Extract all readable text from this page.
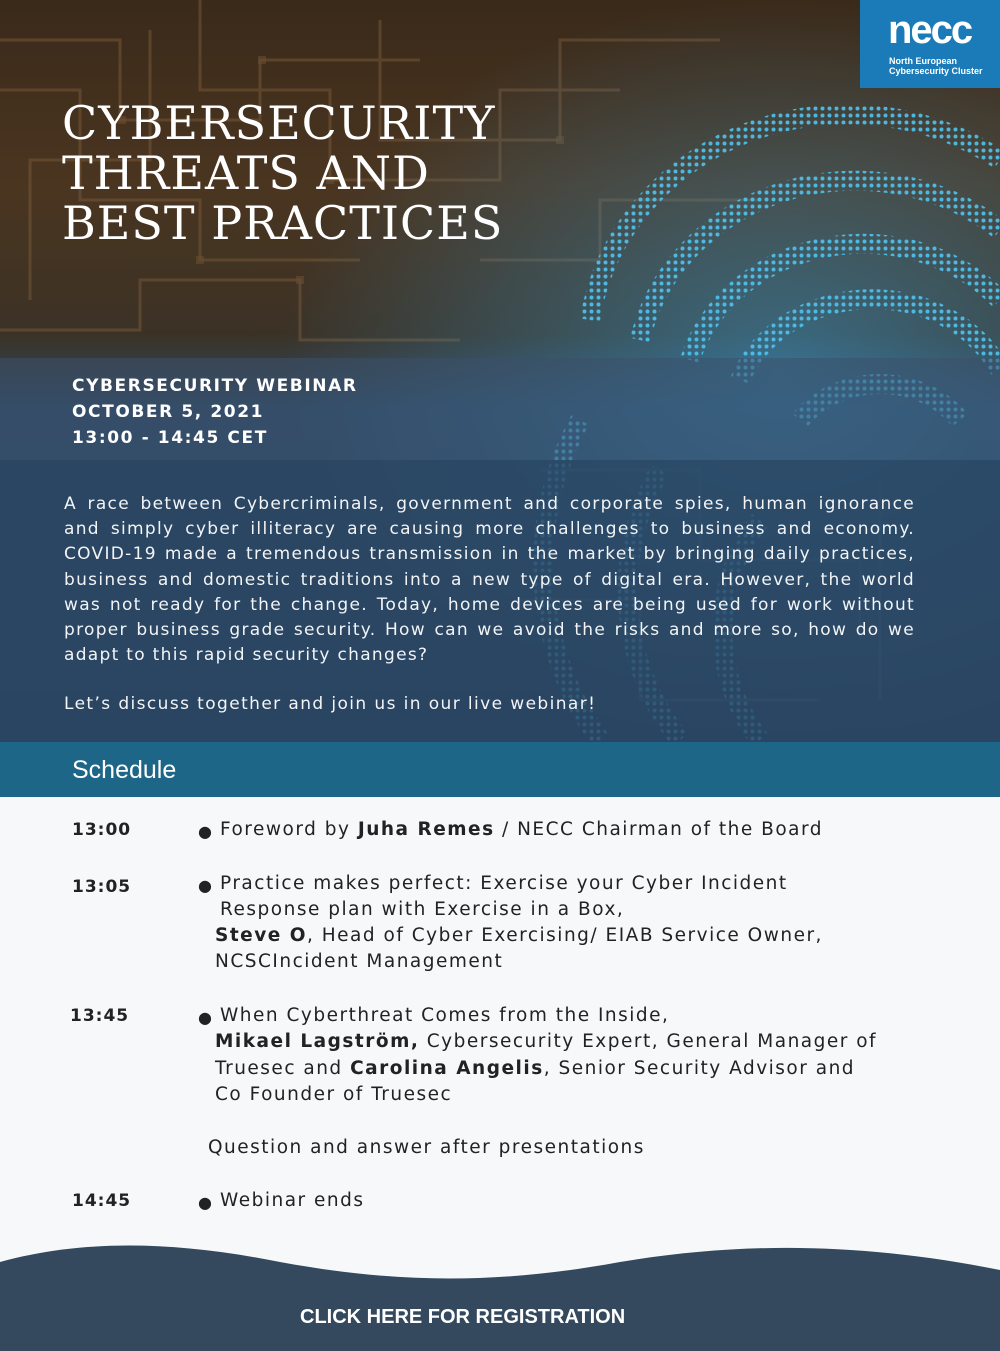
necc
North European
Cybersecurity Cluster
CYBERSECURITY
THREATS AND
BEST PRACTICES
CYBERSECURITY WEBINAR
OCTOBER 5, 2021
13:00 - 14:45 CET

A race between Cybercriminals, government and corporate spies, human ignorance and simply cyber illiteracy are causing more challenges to business and economy. COVID-19 made a tremendous transmission in the market by bringing daily practices, business and domestic traditions into a new type of digital era. However, the world was not ready for the change. Today, home devices are being used for work without proper business grade security. How can we avoid the risks and more so, how do we adapt to this rapid security changes?

Let’s discuss together and join us in our live webinar!

Schedule
13:00	● Foreword by Juha Remes / NECC Chairman of the Board
13:05	● Practice makes perfect: Exercise your Cyber Incident
Response plan with Exercise in a Box,
Steve O, Head of Cyber Exercising/ EIAB Service Owner,
NCSCIncident Management
13:45	● When Cyberthreat Comes from the Inside,
Mikael Lagström, Cybersecurity Expert, General Manager of
Truesec and Carolina Angelis, Senior Security Advisor and
Co Founder of Truesec
Question and answer after presentations
14:45	● Webinar ends
CLICK HERE FOR REGISTRATION
